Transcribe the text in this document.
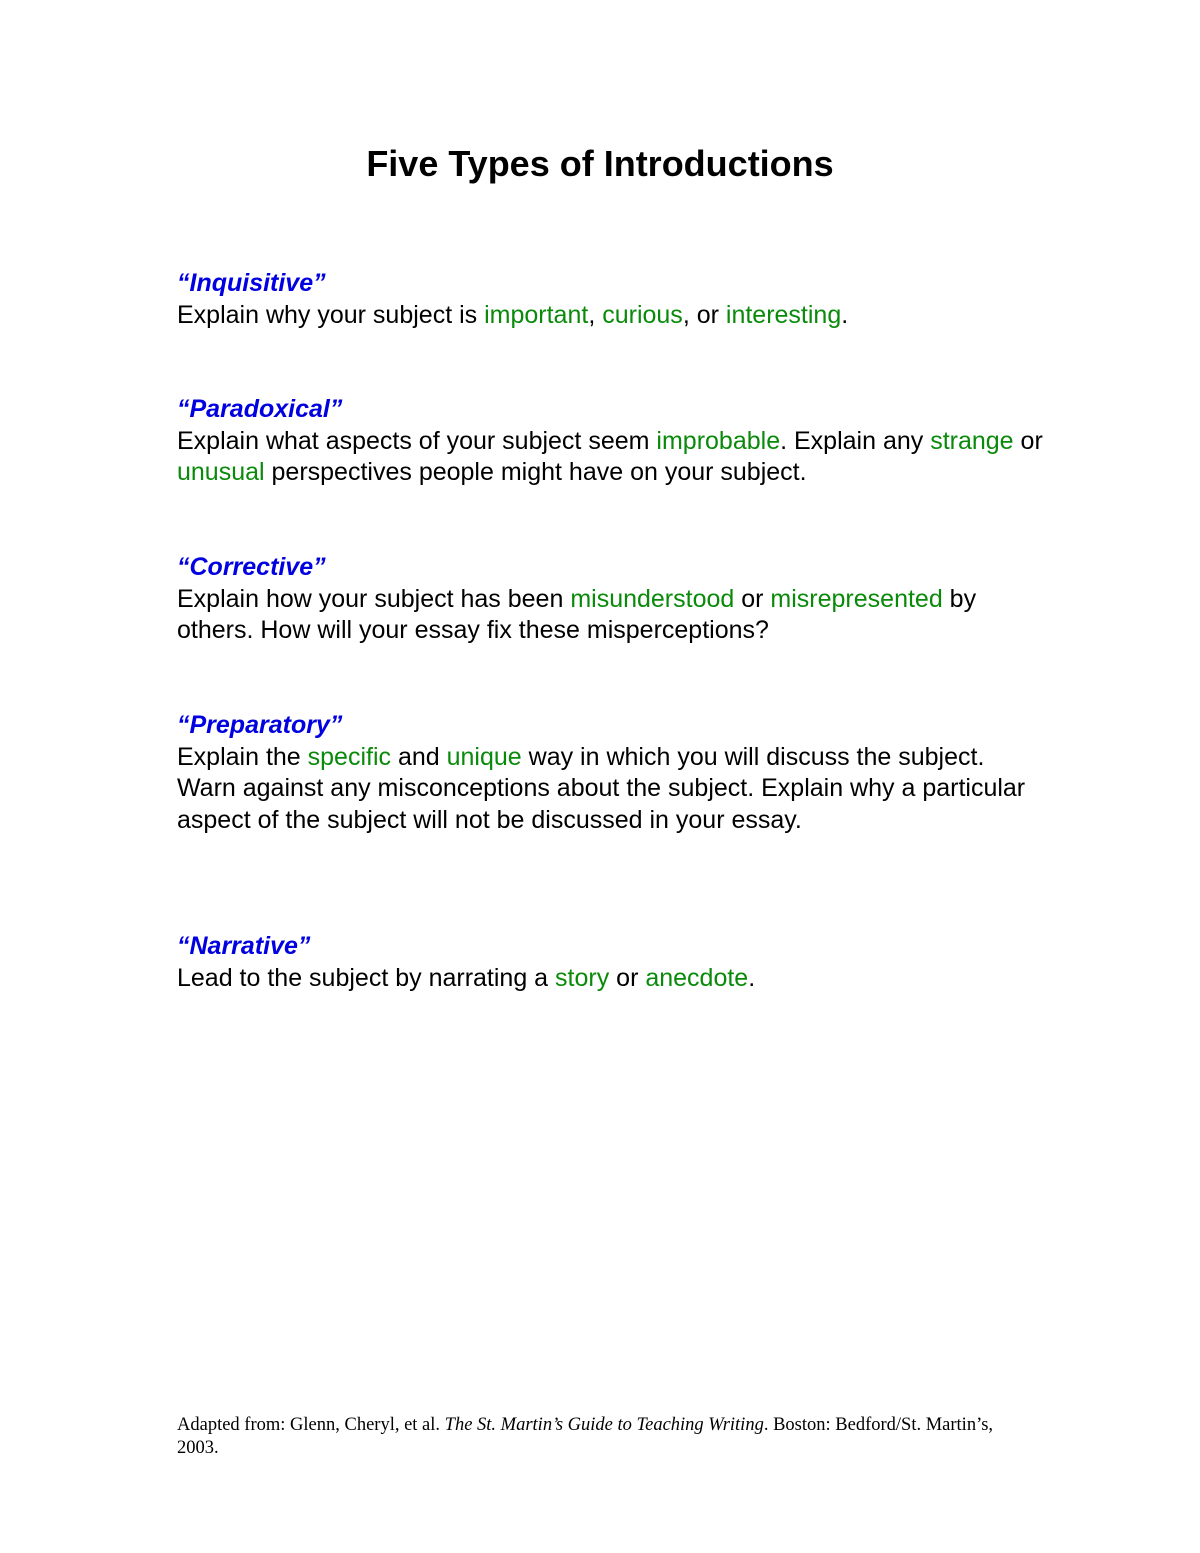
Five Types of Introductions

“Inquisitive”

Explain why your subject is important, curious, or interesting.

“Paradoxical”

Explain what aspects of your subject seem improbable. Explain any strange or unusual perspectives people might have on your subject.

“Corrective”

Explain how your subject has been misunderstood or misrepresented by others. How will your essay fix these misperceptions?

“Preparatory”

Explain the specific and unique way in which you will discuss the subject. Warn against any misconceptions about the subject. Explain why a particular aspect of the subject will not be discussed in your essay.

“Narrative”

Lead to the subject by narrating a story or anecdote.

Adapted from: Glenn, Cheryl, et al. The St. Martin’s Guide to Teaching Writing. Boston: Bedford/St. Martin’s, 2003.
